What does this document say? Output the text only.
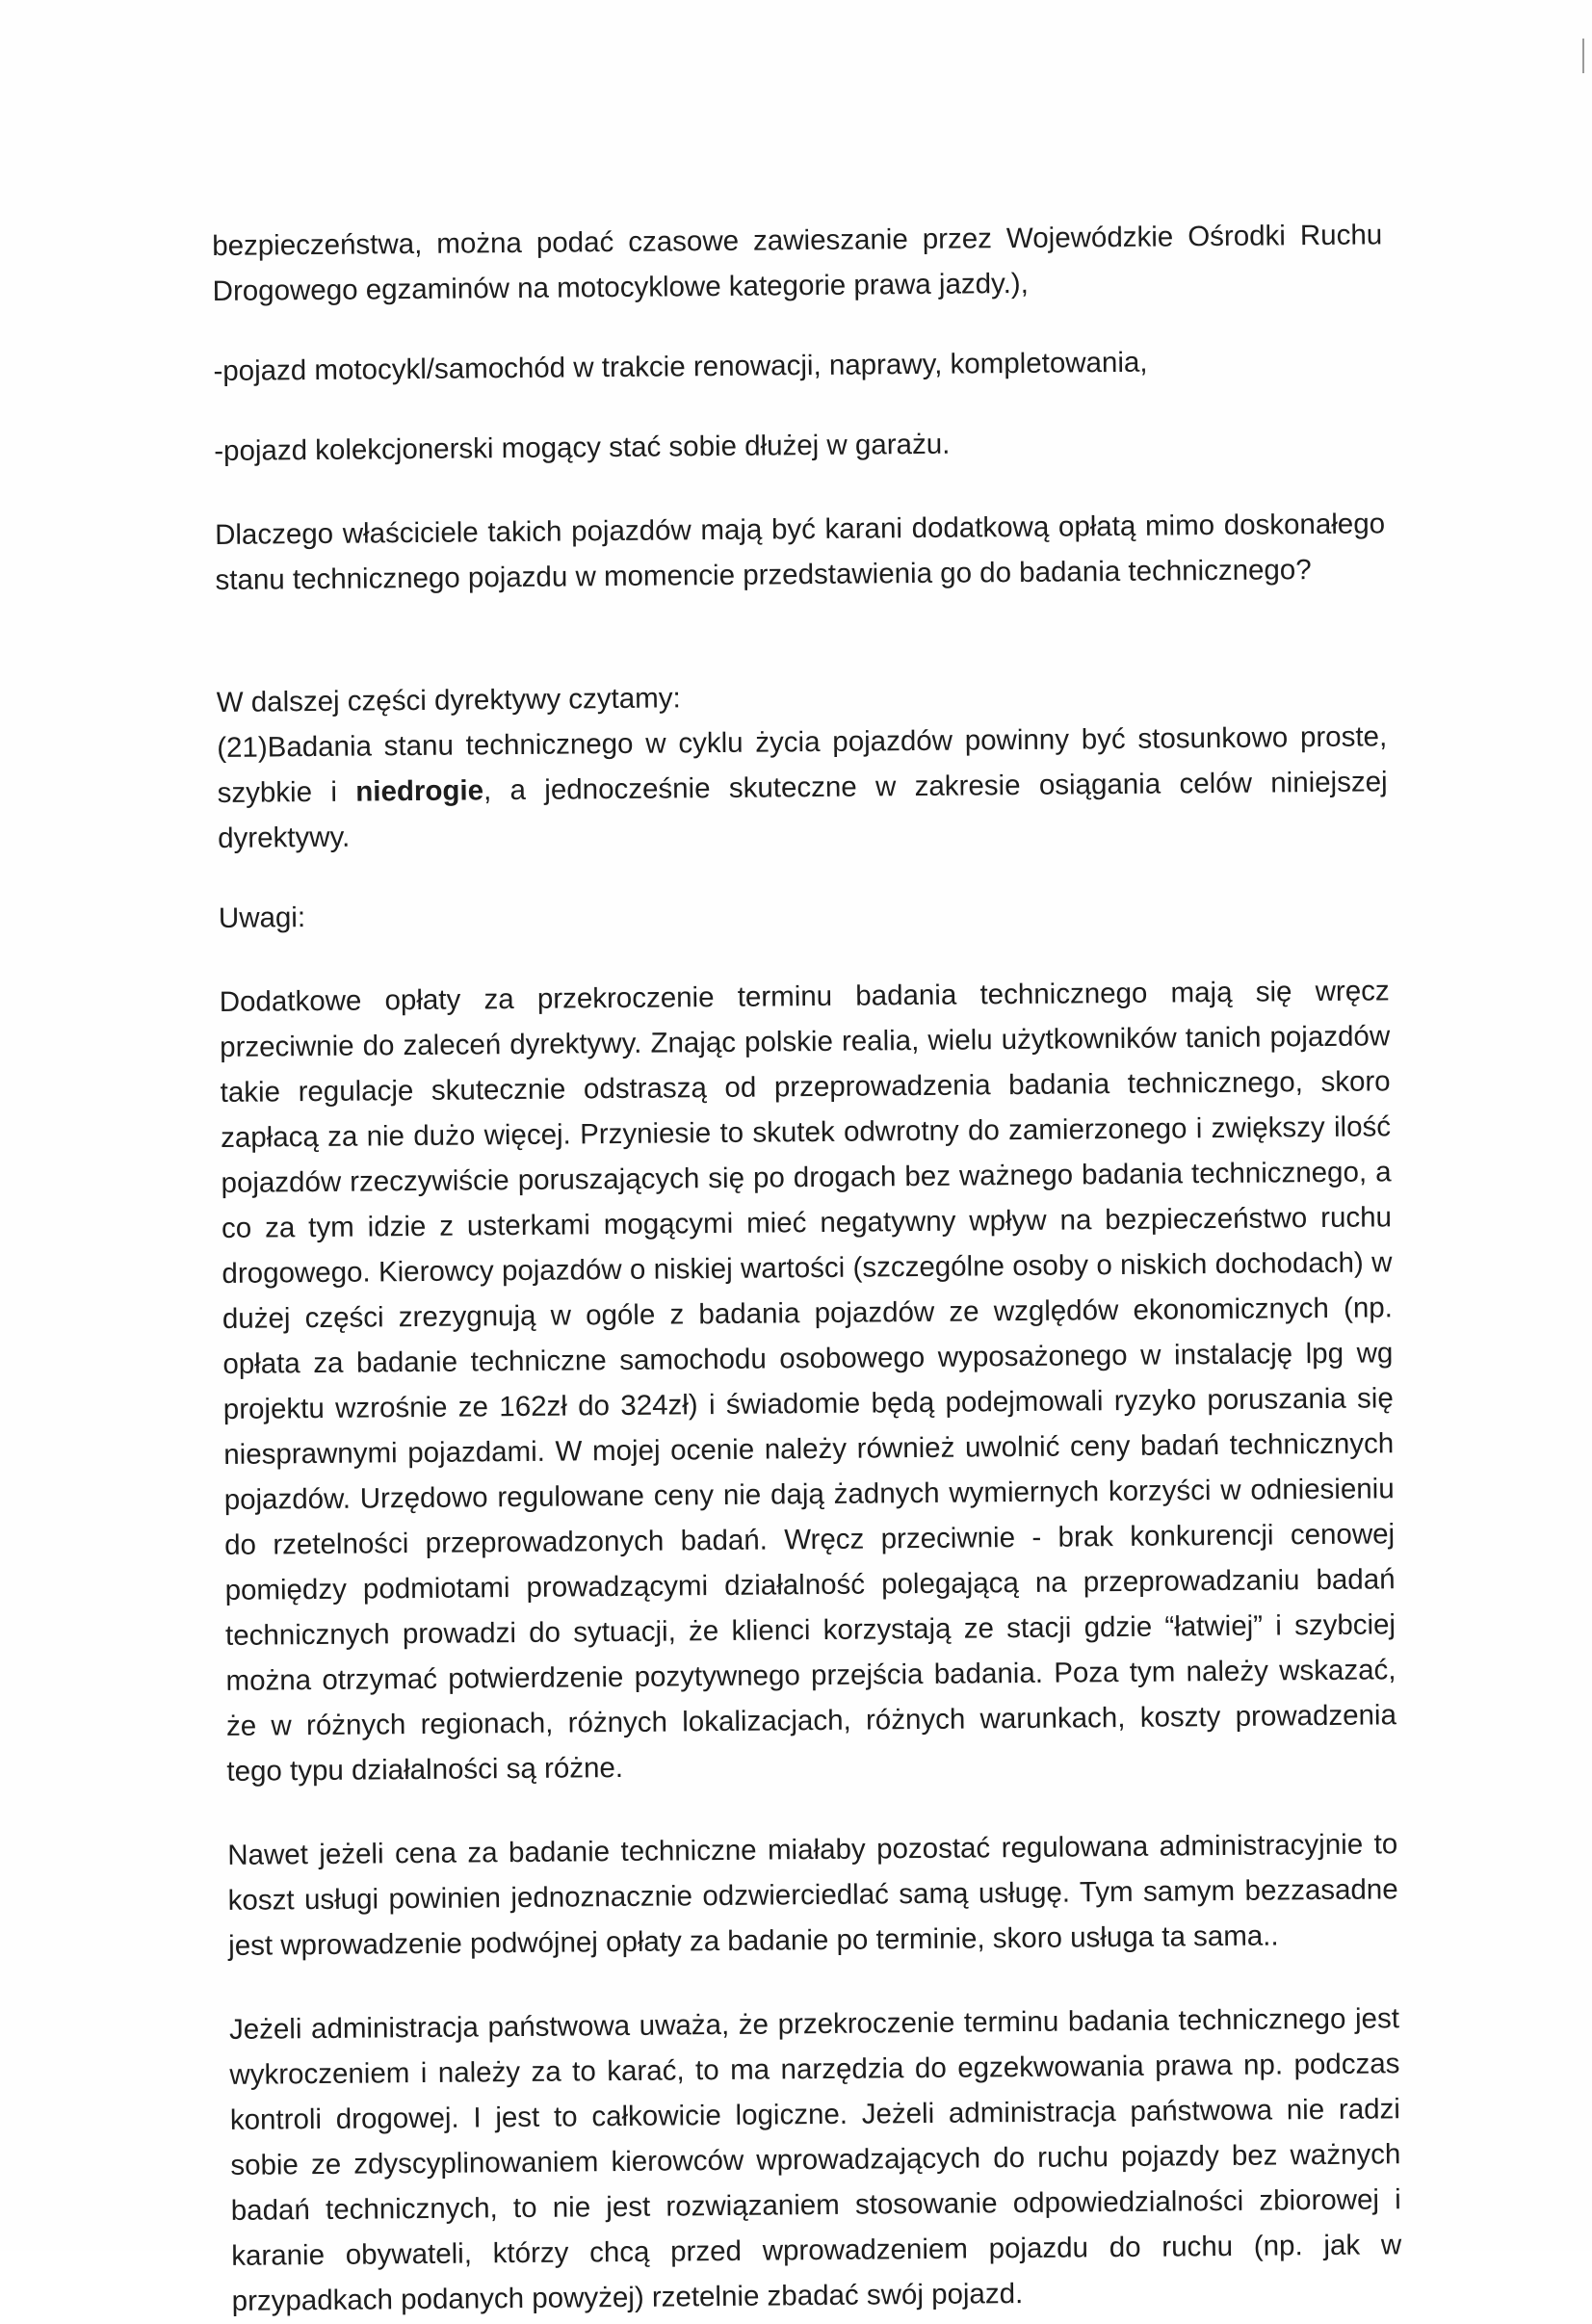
bezpieczeństwa, można podać czasowe zawieszanie przez Wojewódzkie Ośrodki Ruchu Drogowego egzaminów na motocyklowe kategorie prawa jazdy.),

-pojazd motocykl/samochód w trakcie renowacji, naprawy, kompletowania,

-pojazd kolekcjonerski mogący stać sobie dłużej w garażu.

Dlaczego właściciele takich pojazdów mają być karani dodatkową opłatą mimo doskonałego stanu technicznego pojazdu w momencie przedstawienia go do badania technicznego?

W dalszej części dyrektywy czytamy:

(21)Badania stanu technicznego w cyklu życia pojazdów powinny być stosunkowo proste, szybkie i niedrogie, a jednocześnie skuteczne w zakresie osiągania celów niniejszej dyrektywy.

Uwagi:

Dodatkowe opłaty za przekroczenie terminu badania technicznego mają się wręcz przeciwnie do zaleceń dyrektywy. Znając polskie realia, wielu użytkowników tanich pojazdów takie regulacje skutecznie odstraszą od przeprowadzenia badania technicznego, skoro zapłacą za nie dużo więcej. Przyniesie to skutek odwrotny do zamierzonego i zwiększy ilość pojazdów rzeczywiście poruszających się po drogach bez ważnego badania technicznego, a co za tym idzie z usterkami mogącymi mieć negatywny wpływ na bezpieczeństwo ruchu drogowego. Kierowcy pojazdów o niskiej wartości (szczególne osoby o niskich dochodach) w dużej części zrezygnują w ogóle z badania pojazdów ze względów ekonomicznych (np. opłata za badanie techniczne samochodu osobowego wyposażonego w instalację lpg wg projektu wzrośnie ze 162zł do 324zł) i świadomie będą podejmowali ryzyko poruszania się niesprawnymi pojazdami. W mojej ocenie należy również uwolnić ceny badań technicznych pojazdów. Urzędowo regulowane ceny nie dają żadnych wymiernych korzyści w odniesieniu do rzetelności przeprowadzonych badań. Wręcz przeciwnie - brak konkurencji cenowej pomiędzy podmiotami prowadzącymi działalność polegającą na przeprowadzaniu badań technicznych prowadzi do sytuacji, że klienci korzystają ze stacji gdzie “łatwiej” i szybciej można otrzymać potwierdzenie pozytywnego przejścia badania. Poza tym należy wskazać, że w różnych regionach, różnych lokalizacjach, różnych warunkach, koszty prowadzenia tego typu działalności są różne.

Nawet jeżeli cena za badanie techniczne miałaby pozostać regulowana administracyjnie to koszt usługi powinien jednoznacznie odzwierciedlać samą usługę. Tym samym bezzasadne jest wprowadzenie podwójnej opłaty za badanie po terminie, skoro usługa ta sama..

Jeżeli administracja państwowa uważa, że przekroczenie terminu badania technicznego jest wykroczeniem i należy za to karać, to ma narzędzia do egzekwowania prawa np. podczas kontroli drogowej. I jest to całkowicie logiczne. Jeżeli administracja państwowa nie radzi sobie ze zdyscyplinowaniem kierowców wprowadzających do ruchu pojazdy bez ważnych badań technicznych, to nie jest rozwiązaniem stosowanie odpowiedzialności zbiorowej i karanie obywateli, którzy chcą przed wprowadzeniem pojazdu do ruchu (np. jak w przypadkach podanych powyżej) rzetelnie zbadać swój pojazd.
